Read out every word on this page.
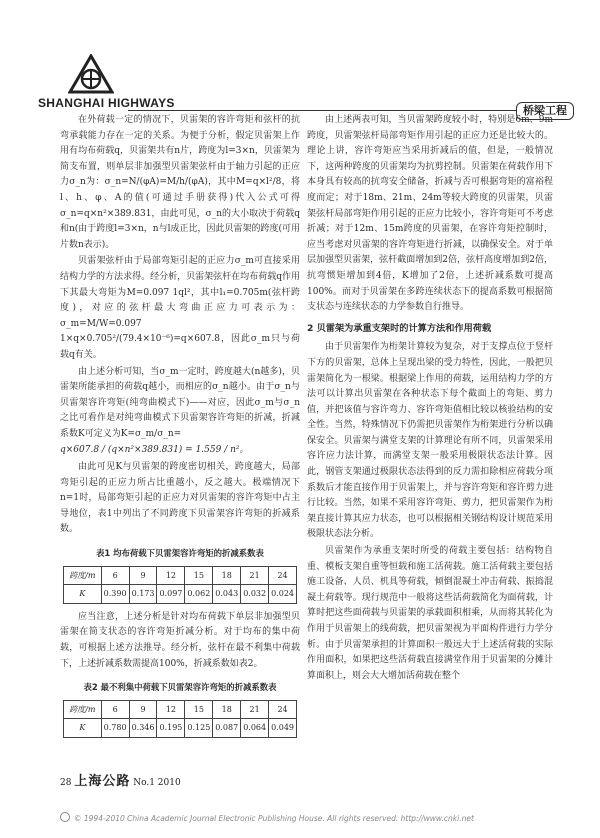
SHANGHAI HIGHWAYS
桥梁工程

在外荷载一定的情况下，贝雷架的容许弯矩和弦杆的抗弯承载能力存在一定的关系。为便于分析，假定贝雷架上作用有均布荷载q，贝雷架共有n片，跨度为l=3×n，贝雷架为简支布置，则单层非加强型贝雷架弦杆由于轴力引起的正应力σ_n为：σ_n=N/(φA)=M/h/(φA)，其中M=q×l²/8，将l、h、φ、A的值(可通过手册获得)代入公式可得σ_n=q×n²×389.831，由此可见，σ_n的大小取决于荷载q和n(由于跨度l=3×n，n与l成正比，因此贝雷架的跨度(可用片数n表示)。

贝雷架弦杆由于局部弯矩引起的正应力σ_m可直接采用结构力学的方法求得。经分析，贝雷架弦杆在均布荷载q作用下其最大弯矩为M=0.097 1ql²，其中l₁=0.705m(弦杆跨度)，对应的弦杆最大弯曲正应力可表示为：σ_m=M/W=0.097 1×q×0.705²/(79.4×10⁻⁶)=q×607.8，因此σ_m只与荷载q有关。

由上述分析可知，当σ_m一定时，跨度越大(n越多)，贝雷架所能承担的荷载q越小，而相应的σ_n越小。由于σ_n与贝雷架容许弯矩(纯弯曲模式下)——对应，因此σ_m与σ_n之比可看作是对纯弯曲模式下贝雷架容许弯矩的折减，折减系数K可定义为K=σ_m/σ_n=

q×607.8 / (q×n²×389.831) = 1.559 / n²。

由此可见K与贝雷架的跨度密切相关，跨度越大，局部弯矩引起的正应力所占比重越小，反之越大。极端情况下n=1时，局部弯矩引起的正应力对贝雷架的容许弯矩中占主导地位，表1中列出了不同跨度下贝雷架容许弯矩的折减系数。

表1 均布荷载下贝雷架容许弯矩的折减系数表
跨度/m	6	9	12	15	18	21	24
K	0.390	0.173	0.097	0.062	0.043	0.032	0.024

应当注意，上述分析是针对均布荷载下单层非加强型贝雷架在简支状态的容许弯矩折减分析。对于均布的集中荷载，可根据上述方法推导。经分析，弦杆在最不利集中荷载下，上述折减系数需提高100%，折减系数如表2。

表2 最不利集中荷载下贝雷架容许弯矩的折减系数表
跨度/m	6	9	12	15	18	21	24
K	0.780	0.346	0.195	0.125	0.087	0.064	0.049

由上述两表可知，当贝雷架跨度较小时，特别是6m、9m跨度，贝雷架弦杆局部弯矩作用引起的正应力还是比较大的。理论上讲，容许弯矩应当采用折减后的值，但是，一般情况下，这两种跨度的贝雷架均为抗剪控制。贝雷架在荷载作用下本身具有较高的抗弯安全储备，折减与否可根据弯矩的富裕程度而定；对于18m、21m、24m等较大跨度的贝雷架，贝雷架弦杆局部弯矩作用引起的正应力比较小，容许弯矩可不考虑折减；对于12m、15m跨度的贝雷架，在容许弯矩控制时，应当考虑对贝雷架的容许弯矩进行折减，以确保安全。对于单层加强型贝雷架，弦杆截面增加到2倍，弦杆高度增加到2倍，抗弯惯矩增加到4倍，K增加了2倍，上述折减系数可提高100%。而对于贝雷架在多跨连续状态下的提高系数可根据简支状态与连续状态的力学参数自行推导。

2 贝雷架为承重支架时的计算方法和作用荷载

由于贝雷架作为桁架计算较为复杂，对于支撑点位于竖杆下方的贝雷架，总体上呈现出梁的受力特性，因此，一般把贝雷架简化为一根梁。根据梁上作用的荷载，运用结构力学的方法可以计算出贝雷架在各种状态下每个截面上的弯矩、剪力值，并把该值与容许弯力、容许弯矩值相比较以核验结构的安全性。当然，特殊情况下仍需把贝雷架作为桁架进行分析以确保安全。贝雷架与满堂支架的计算理论有所不同，贝雷架采用容许应力法计算，而满堂支架一般采用极限状态法计算。因此，钢管支架通过极限状态法得到的反力需扣除相应荷载分项系数后才能直接作用于贝雷架上，并与容许弯矩和容许剪力进行比较。当然，如果不采用容许弯矩、剪力，把贝雷架作为桁架直接计算其应力状态，也可以根据相关钢结构设计规范采用极限状态法分析。

贝雷架作为承重支架时所受的荷载主要包括：结构物自重、模板支架自重等恒载和施工活荷载。施工活荷载主要包括施工设备、人员、机具等荷载，倾倒混凝土冲击荷载、振捣混凝土荷载等。现行规范中一般将这些活荷载简化为面荷载，计算时把这些面荷载与贝雷架的承载面积相乘，从而将其转化为作用于贝雷架上的线荷载，把贝雷架视为平面构件进行力学分析。由于贝雷架承担的计算面积一般远大于上述活荷载的实际作用面积，如果把这些活荷载直接满堂作用于贝雷架的分摊计算面积上，则会大大增加活荷载在整个

28 上海公路 No.1 2010
© 1994-2010 China Academic Journal Electronic Publishing House. All rights reserved. http://www.cnki.net
